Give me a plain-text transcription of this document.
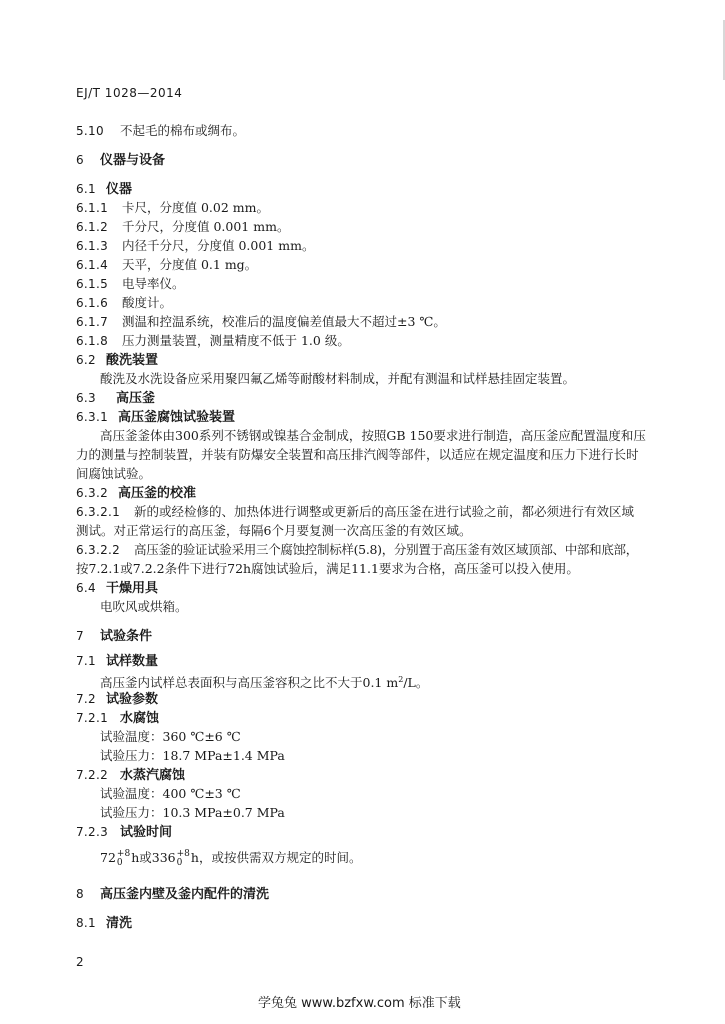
EJ/T 1028—2014
5.10 不起毛的棉布或绸布。
6 仪器与设备
6.1 仪器
6.1.1 卡尺，分度值 0.02 mm。
6.1.2 千分尺，分度值 0.001 mm。
6.1.3 内径千分尺，分度值 0.001 mm。
6.1.4 天平，分度值 0.1 mg。
6.1.5 电导率仪。
6.1.6 酸度计。
6.1.7 测温和控温系统，校准后的温度偏差值最大不超过±3 ℃。
6.1.8 压力测量装置，测量精度不低于 1.0 级。
6.2 酸洗装置
酸洗及水洗设备应采用聚四氟乙烯等耐酸材料制成，并配有测温和试样悬挂固定装置。
6.3 高压釜
6.3.1 高压釜腐蚀试验装置
高压釜釜体由300系列不锈钢或镍基合金制成，按照GB 150要求进行制造，高压釜应配置温度和压
力的测量与控制装置，并装有防爆安全装置和高压排汽阀等部件，以适应在规定温度和压力下进行长时
间腐蚀试验。
6.3.2 高压釜的校准
6.3.2.1 新的或经检修的、加热体进行调整或更新后的高压釜在进行试验之前，都必须进行有效区域
测试。对正常运行的高压釜，每隔6个月要复测一次高压釜的有效区域。
6.3.2.2 高压釜的验证试验采用三个腐蚀控制标样(5.8)，分别置于高压釜有效区域顶部、中部和底部，
按7.2.1或7.2.2条件下进行72h腐蚀试验后，满足11.1要求为合格，高压釜可以投入使用。
6.4 干燥用具
电吹风或烘箱。
7 试验条件
7.1 试样数量
高压釜内试样总表面积与高压釜容积之比不大于0.1 $m^2/L$。
7.2 试验参数
7.2.1 水腐蚀
试验温度：360 ℃±6 ℃
试验压力：18.7 MPa±1.4 MPa
7.2.2 水蒸汽腐蚀
试验温度：400 ℃±3 ℃
试验压力：10.3 MPa±0.7 MPa
7.2.3 试验时间
72 +8
0 h或336 +8
0 h，或按供需双方规定的时间。
8 高压釜内壁及釜内配件的清洗
8.1 清洗
2
学兔兔 www.bzfxw.com 标准下载
